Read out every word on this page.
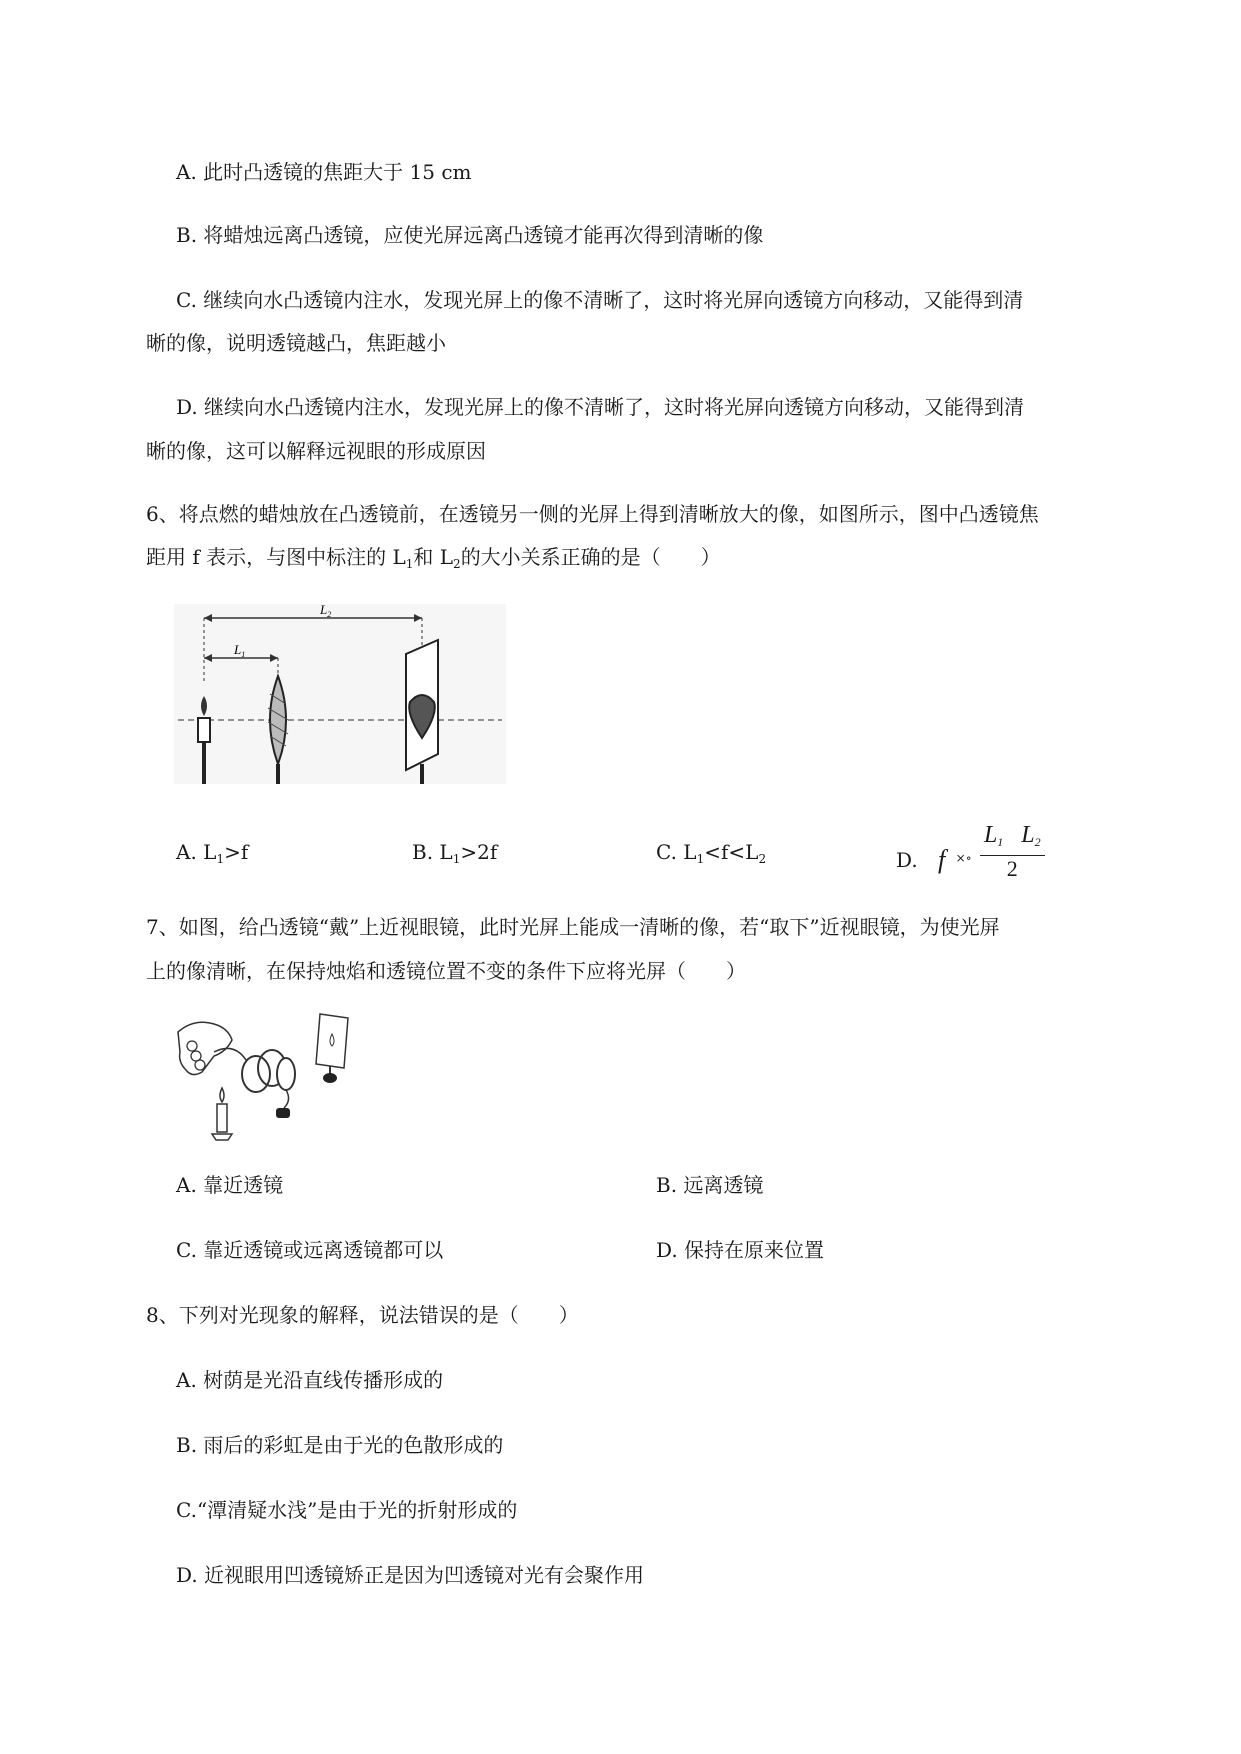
A. 此时凸透镜的焦距大于 15 cm
B. 将蜡烛远离凸透镜，应使光屏远离凸透镜才能再次得到清晰的像
C. 继续向水凸透镜内注水，发现光屏上的像不清晰了，这时将光屏向透镜方向移动，又能得到清
晰的像，说明透镜越凸，焦距越小
D. 继续向水凸透镜内注水，发现光屏上的像不清晰了，这时将光屏向透镜方向移动，又能得到清
晰的像，这可以解释远视眼的形成原因
6、将点燃的蜡烛放在凸透镜前，在透镜另一侧的光屏上得到清晰放大的像，如图所示，图中凸透镜焦
距用 f 表示，与图中标注的 $L_1$和 $L_2$的大小关系正确的是（　　）
$L_2$
$L_1$
A. $L_1>f$	B. $L_1>2f$	C. $L_1<f<L_2$	D. f ×∘ $\frac{L_1 L_2}{2}$
7、如图，给凸透镜“戴”上近视眼镜，此时光屏上能成一清晰的像，若“取下”近视眼镜，为使光屏
上的像清晰，在保持烛焰和透镜位置不变的条件下应将光屏（　　）
A. 靠近透镜	B. 远离透镜
C. 靠近透镜或远离透镜都可以	D. 保持在原来位置
8、下列对光现象的解释，说法错误的是（　　）
A. 树荫是光沿直线传播形成的
B. 雨后的彩虹是由于光的色散形成的
C.“潭清疑水浅”是由于光的折射形成的
D. 近视眼用凹透镜矫正是因为凹透镜对光有会聚作用
